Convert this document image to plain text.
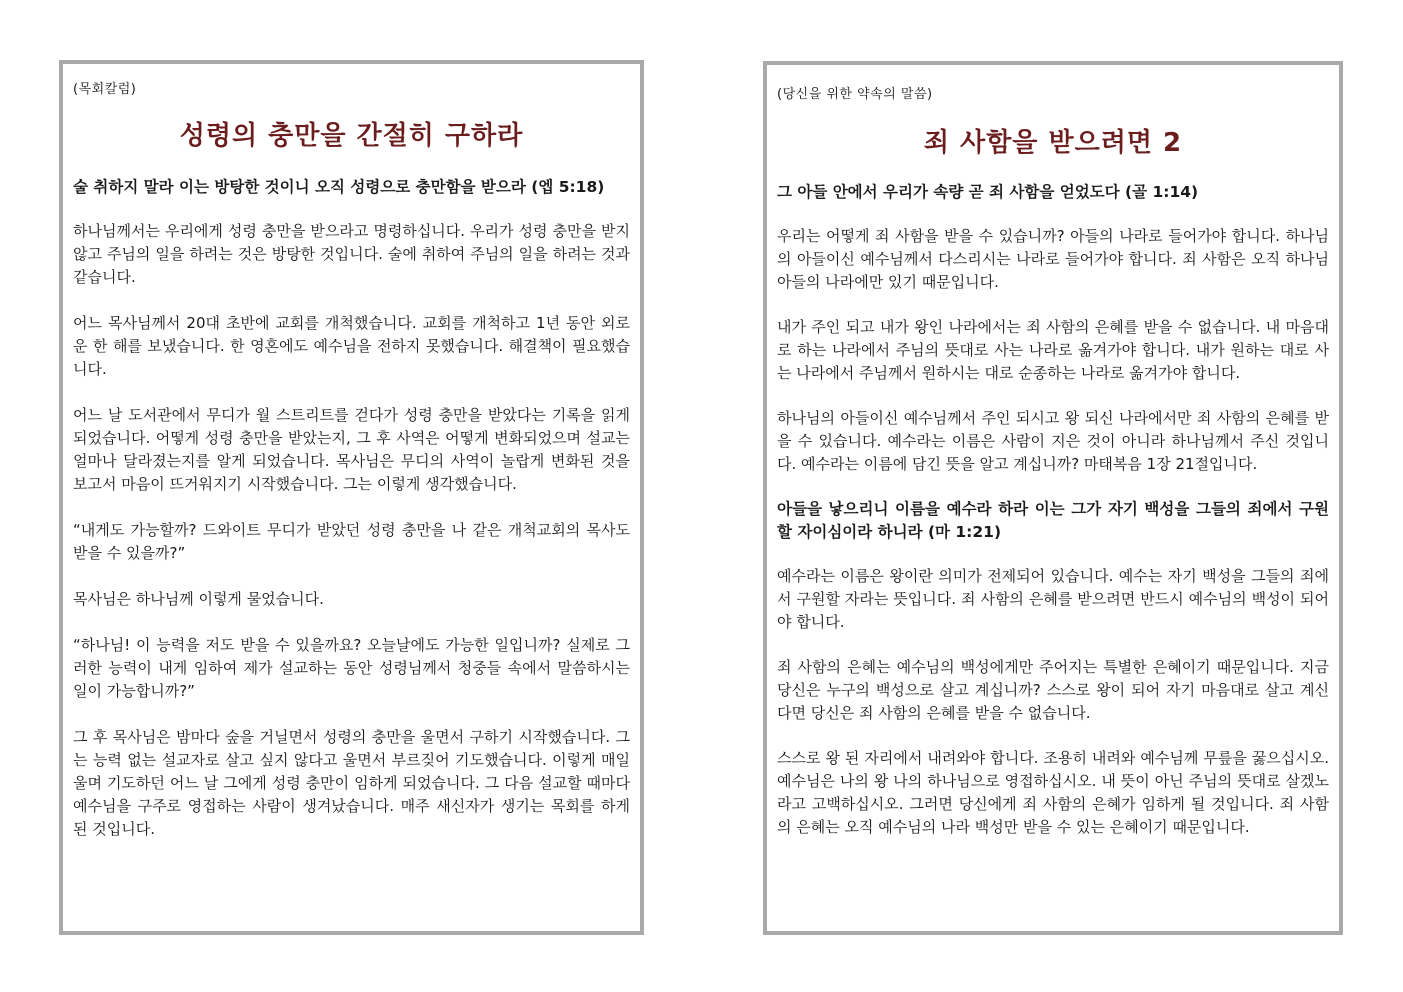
(목회칼럼)
성령의 충만을 간절히 구하라
술 취하지 말라 이는 방탕한 것이니 오직 성령으로 충만함을 받으라 (엡 5:18)
하나님께서는 우리에게 성령 충만을 받으라고 명령하십니다. 우리가 성령 충만을 받지 않고 주님의 일을 하려는 것은 방탕한 것입니다. 술에 취하여 주님의 일을 하려는 것과 같습니다.
어느 목사님께서 20대 초반에 교회를 개척했습니다. 교회를 개척하고 1년 동안 외로운 한 해를 보냈습니다. 한 영혼에도 예수님을 전하지 못했습니다. 해결책이 필요했습니다.
어느 날 도서관에서 무디가 월 스트리트를 걷다가 성령 충만을 받았다는 기록을 읽게 되었습니다. 어떻게 성령 충만을 받았는지, 그 후 사역은 어떻게 변화되었으며 설교는 얼마나 달라졌는지를 알게 되었습니다. 목사님은 무디의 사역이 놀랍게 변화된 것을 보고서 마음이 뜨거워지기 시작했습니다. 그는 이렇게 생각했습니다.
“내게도 가능할까? 드와이트 무디가 받았던 성령 충만을 나 같은 개척교회의 목사도 받을 수 있을까?”
목사님은 하나님께 이렇게 물었습니다.
“하나님! 이 능력을 저도 받을 수 있을까요? 오늘날에도 가능한 일입니까? 실제로 그러한 능력이 내게 임하여 제가 설교하는 동안 성령님께서 청중들 속에서 말씀하시는 일이 가능합니까?”
그 후 목사님은 밤마다 숲을 거닐면서 성령의 충만을 울면서 구하기 시작했습니다. 그는 능력 없는 설교자로 살고 싶지 않다고 울면서 부르짖어 기도했습니다. 이렇게 매일 울며 기도하던 어느 날 그에게 성령 충만이 임하게 되었습니다. 그 다음 설교할 때마다 예수님을 구주로 영접하는 사람이 생겨났습니다. 매주 새신자가 생기는 목회를 하게 된 것입니다.
(당신을 위한 약속의 말씀)
죄 사함을 받으려면 2
그 아들 안에서 우리가 속량 곧 죄 사함을 얻었도다 (골 1:14)
우리는 어떻게 죄 사함을 받을 수 있습니까? 아들의 나라로 들어가야 합니다. 하나님의 아들이신 예수님께서 다스리시는 나라로 들어가야 합니다. 죄 사함은 오직 하나님 아들의 나라에만 있기 때문입니다.
내가 주인 되고 내가 왕인 나라에서는 죄 사함의 은혜를 받을 수 없습니다. 내 마음대로 하는 나라에서 주님의 뜻대로 사는 나라로 옮겨가야 합니다. 내가 원하는 대로 사는 나라에서 주님께서 원하시는 대로 순종하는 나라로 옮겨가야 합니다.
하나님의 아들이신 예수님께서 주인 되시고 왕 되신 나라에서만 죄 사함의 은혜를 받을 수 있습니다. 예수라는 이름은 사람이 지은 것이 아니라 하나님께서 주신 것입니다. 예수라는 이름에 담긴 뜻을 알고 계십니까? 마태복음 1장 21절입니다.
아들을 낳으리니 이름을 예수라 하라 이는 그가 자기 백성을 그들의 죄에서 구원할 자이심이라 하니라 (마 1:21)
예수라는 이름은 왕이란 의미가 전제되어 있습니다. 예수는 자기 백성을 그들의 죄에서 구원할 자라는 뜻입니다. 죄 사함의 은혜를 받으려면 반드시 예수님의 백성이 되어야 합니다.
죄 사함의 은혜는 예수님의 백성에게만 주어지는 특별한 은혜이기 때문입니다. 지금 당신은 누구의 백성으로 살고 계십니까? 스스로 왕이 되어 자기 마음대로 살고 계신다면 당신은 죄 사함의 은혜를 받을 수 없습니다.
스스로 왕 된 자리에서 내려와야 합니다. 조용히 내려와 예수님께 무릎을 꿇으십시오. 예수님은 나의 왕 나의 하나님으로 영접하십시오. 내 뜻이 아닌 주님의 뜻대로 살겠노라고 고백하십시오. 그러면 당신에게 죄 사함의 은혜가 임하게 될 것입니다. 죄 사함의 은혜는 오직 예수님의 나라 백성만 받을 수 있는 은혜이기 때문입니다.
